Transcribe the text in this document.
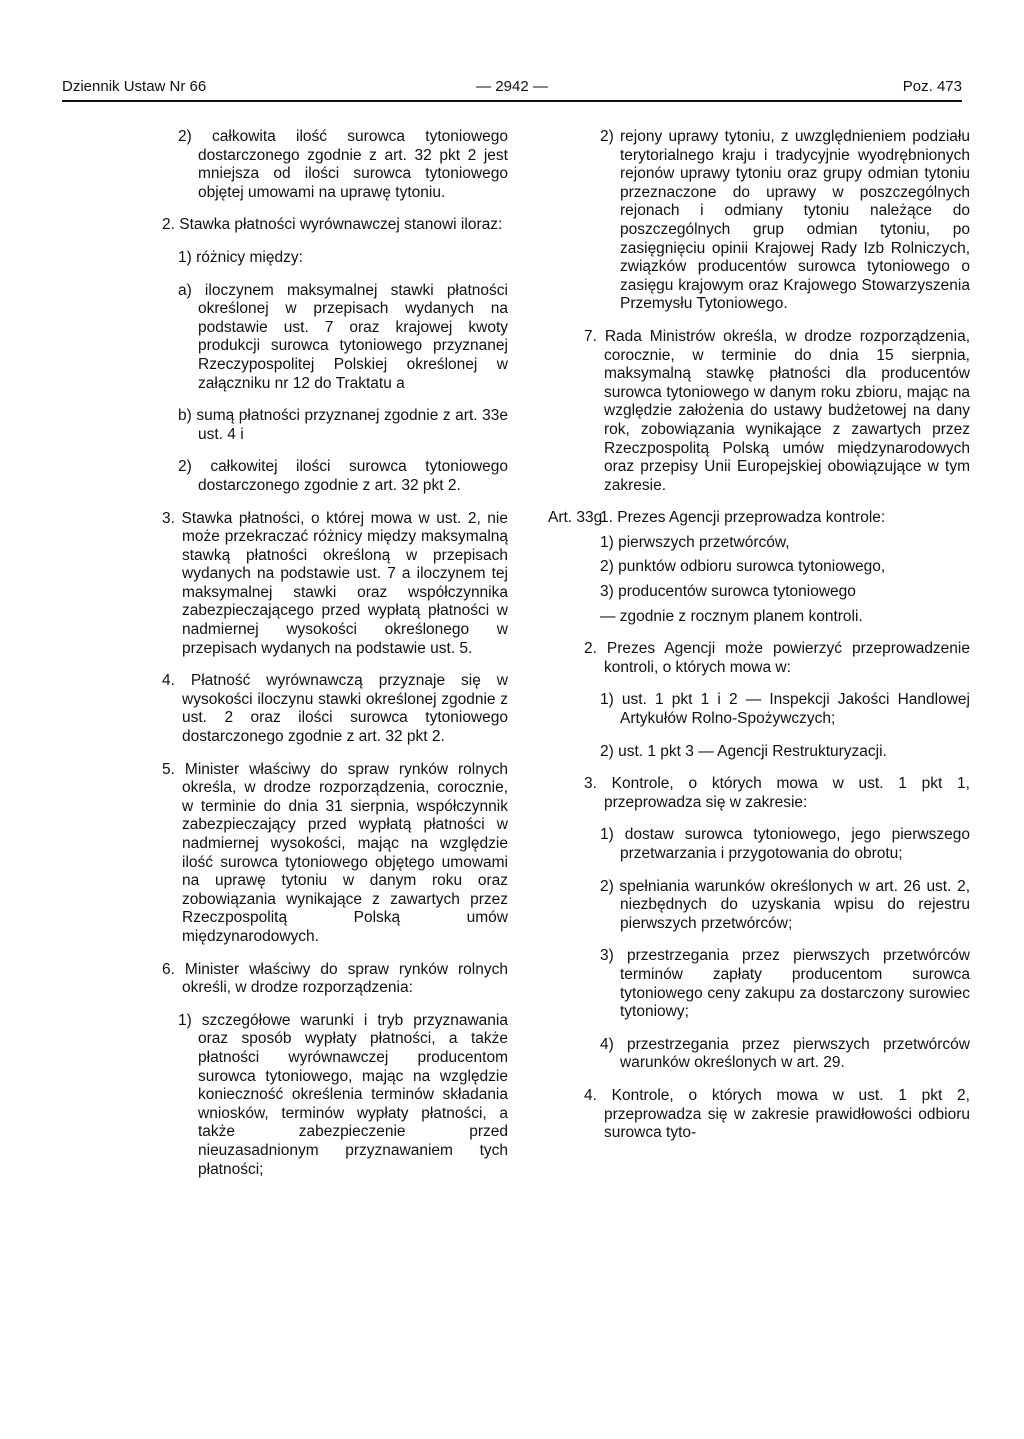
Dziennik Ustaw Nr 66	— 2942 —	Poz. 473
2) całkowita ilość surowca tytoniowego dostarczonego zgodnie z art. 32 pkt 2 jest mniejsza od ilości surowca tytoniowego objętej umowami na uprawę tytoniu.
2. Stawka płatności wyrównawczej stanowi iloraz:
1) różnicy między:
a) iloczynem maksymalnej stawki płatności określonej w przepisach wydanych na podstawie ust. 7 oraz krajowej kwoty produkcji surowca tytoniowego przyznanej Rzeczypospolitej Polskiej określonej w załączniku nr 12 do Traktatu a
b) sumą płatności przyznanej zgodnie z art. 33e ust. 4 i
2) całkowitej ilości surowca tytoniowego dostarczonego zgodnie z art. 32 pkt 2.
3. Stawka płatności, o której mowa w ust. 2, nie może przekraczać różnicy między maksymalną stawką płatności określoną w przepisach wydanych na podstawie ust. 7 a iloczynem tej maksymalnej stawki oraz współczynnika zabezpieczającego przed wypłatą płatności w nadmiernej wysokości określonego w przepisach wydanych na podstawie ust. 5.
4. Płatność wyrównawczą przyznaje się w wysokości iloczynu stawki określonej zgodnie z ust. 2 oraz ilości surowca tytoniowego dostarczonego zgodnie z art. 32 pkt 2.
5. Minister właściwy do spraw rynków rolnych określa, w drodze rozporządzenia, corocznie, w terminie do dnia 31 sierpnia, współczynnik zabezpieczający przed wypłatą płatności w nadmiernej wysokości, mając na względzie ilość surowca tytoniowego objętego umowami na uprawę tytoniu w danym roku oraz zobowiązania wynikające z zawartych przez Rzeczpospolitą Polską umów międzynarodowych.
6. Minister właściwy do spraw rynków rolnych określi, w drodze rozporządzenia:
1) szczegółowe warunki i tryb przyznawania oraz sposób wypłaty płatności, a także płatności wyrównawczej producentom surowca tytoniowego, mając na względzie konieczność określenia terminów składania wniosków, terminów wypłaty płatności, a także zabezpieczenie przed nieuzasadnionym przyznawaniem tych płatności;
2) rejony uprawy tytoniu, z uwzględnieniem podziału terytorialnego kraju i tradycyjnie wyodrębnionych rejonów uprawy tytoniu oraz grupy odmian tytoniu przeznaczone do uprawy w poszczególnych rejonach i odmiany tytoniu należące do poszczególnych grup odmian tytoniu, po zasięgnięciu opinii Krajowej Rady Izb Rolniczych, związków producentów surowca tytoniowego o zasięgu krajowym oraz Krajowego Stowarzyszenia Przemysłu Tytoniowego.
7. Rada Ministrów określa, w drodze rozporządzenia, corocznie, w terminie do dnia 15 sierpnia, maksymalną stawkę płatności dla producentów surowca tytoniowego w danym roku zbioru, mając na względzie założenia do ustawy budżetowej na dany rok, zobowiązania wynikające z zawartych przez Rzeczpospolitą Polską umów międzynarodowych oraz przepisy Unii Europejskiej obowiązujące w tym zakresie.
Art. 33g.
1. Prezes Agencji przeprowadza kontrole:
1) pierwszych przetwórców,
2) punktów odbioru surowca tytoniowego,
3) producentów surowca tytoniowego
— zgodnie z rocznym planem kontroli.
2. Prezes Agencji może powierzyć przeprowadzenie kontroli, o których mowa w:
1) ust. 1 pkt 1 i 2 — Inspekcji Jakości Handlowej Artykułów Rolno-Spożywczych;
2) ust. 1 pkt 3 — Agencji Restrukturyzacji.
3. Kontrole, o których mowa w ust. 1 pkt 1, przeprowadza się w zakresie:
1) dostaw surowca tytoniowego, jego pierwszego przetwarzania i przygotowania do obrotu;
2) spełniania warunków określonych w art. 26 ust. 2, niezbędnych do uzyskania wpisu do rejestru pierwszych przetwórców;
3) przestrzegania przez pierwszych przetwórców terminów zapłaty producentom surowca tytoniowego ceny zakupu za dostarczony surowiec tytoniowy;
4) przestrzegania przez pierwszych przetwórców warunków określonych w art. 29.
4. Kontrole, o których mowa w ust. 1 pkt 2, przeprowadza się w zakresie prawidłowości odbioru surowca tyto-
